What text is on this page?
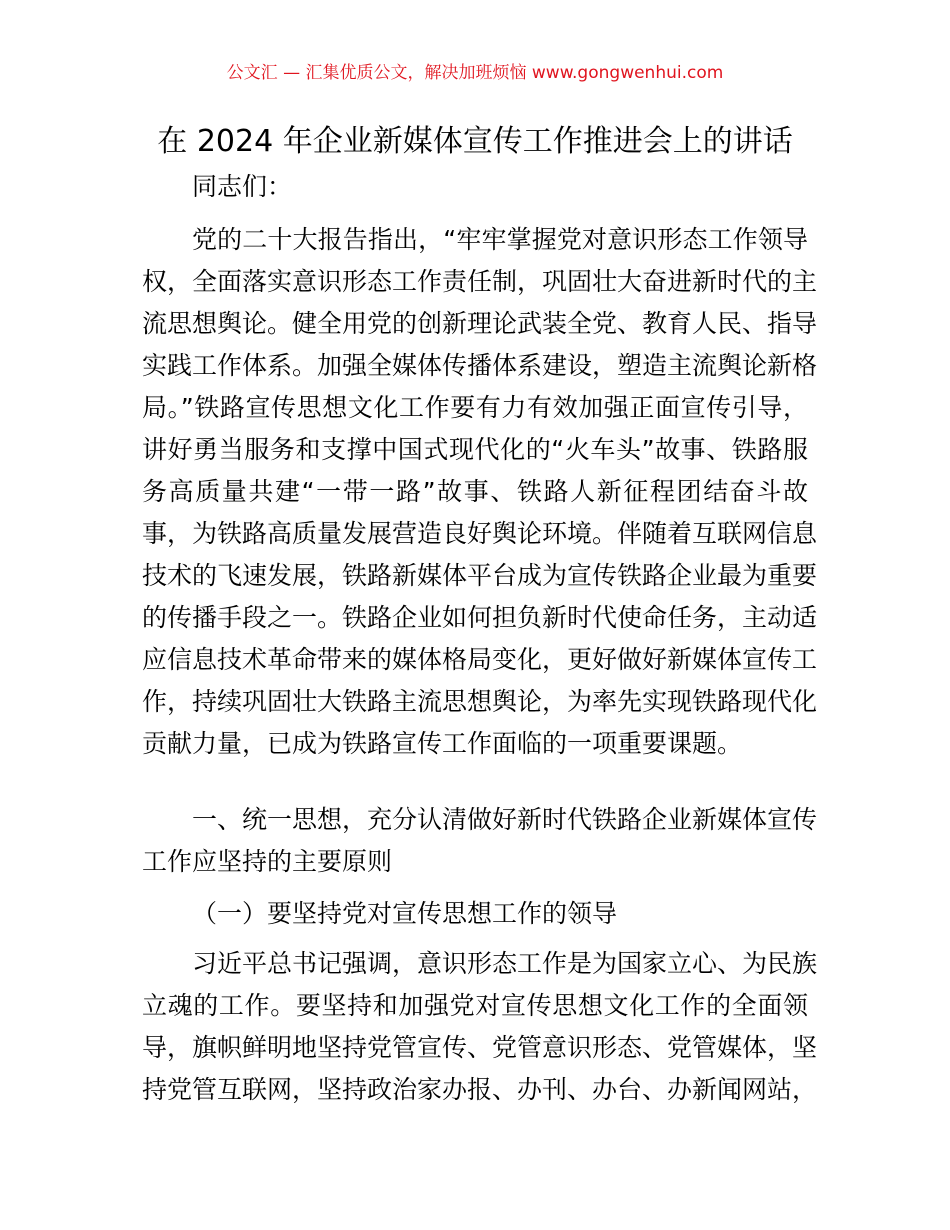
公文汇 — 汇集优质公文，解决加班烦恼 www.gongwenhui.com
在 2024 年企业新媒体宣传工作推进会上的讲话
同志们：
党的二十大报告指出，“牢牢掌握党对意识形态工作领导
权，全面落实意识形态工作责任制，巩固壮大奋进新时代的主
流思想舆论。健全用党的创新理论武装全党、教育人民、指导
实践工作体系。加强全媒体传播体系建设，塑造主流舆论新格
局。”铁路宣传思想文化工作要有力有效加强正面宣传引导，
讲好勇当服务和支撑中国式现代化的“火车头”故事、铁路服
务高质量共建“一带一路”故事、铁路人新征程团结奋斗故
事，为铁路高质量发展营造良好舆论环境。伴随着互联网信息
技术的飞速发展，铁路新媒体平台成为宣传铁路企业最为重要
的传播手段之一。铁路企业如何担负新时代使命任务，主动适
应信息技术革命带来的媒体格局变化，更好做好新媒体宣传工
作，持续巩固壮大铁路主流思想舆论，为率先实现铁路现代化
贡献力量，已成为铁路宣传工作面临的一项重要课题。
一、统一思想，充分认清做好新时代铁路企业新媒体宣传
工作应坚持的主要原则
（一）要坚持党对宣传思想工作的领导
习近平总书记强调，意识形态工作是为国家立心、为民族
立魂的工作。要坚持和加强党对宣传思想文化工作的全面领
导，旗帜鲜明地坚持党管宣传、党管意识形态、党管媒体，坚
持党管互联网，坚持政治家办报、办刊、办台、办新闻网站，
